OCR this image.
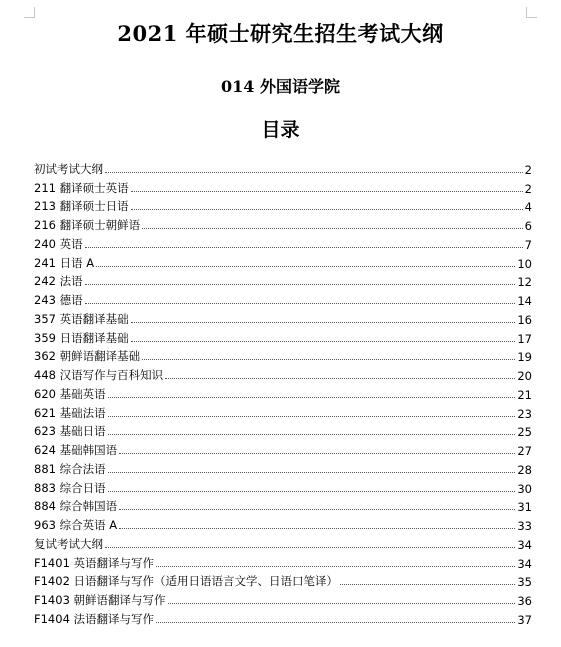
2021 年硕士研究生招生考试大纲
014 外国语学院
目录
初试考试大纲	2
211 翻译硕士英语	2
213 翻译硕士日语	4
216 翻译硕士朝鲜语	6
240 英语	7
241 日语 A	10
242 法语	12
243 德语	14
357 英语翻译基础	16
359 日语翻译基础	17
362 朝鲜语翻译基础	19
448 汉语写作与百科知识	20
620 基础英语	21
621 基础法语	23
623 基础日语	25
624 基础韩国语	27
881 综合法语	28
883 综合日语	30
884 综合韩国语	31
963 综合英语 A	33
复试考试大纲	34
F1401 英语翻译与写作	34
F1402 日语翻译与写作（适用日语语言文学、日语口笔译）	35
F1403 朝鲜语翻译与写作	36
F1404 法语翻译与写作	37
